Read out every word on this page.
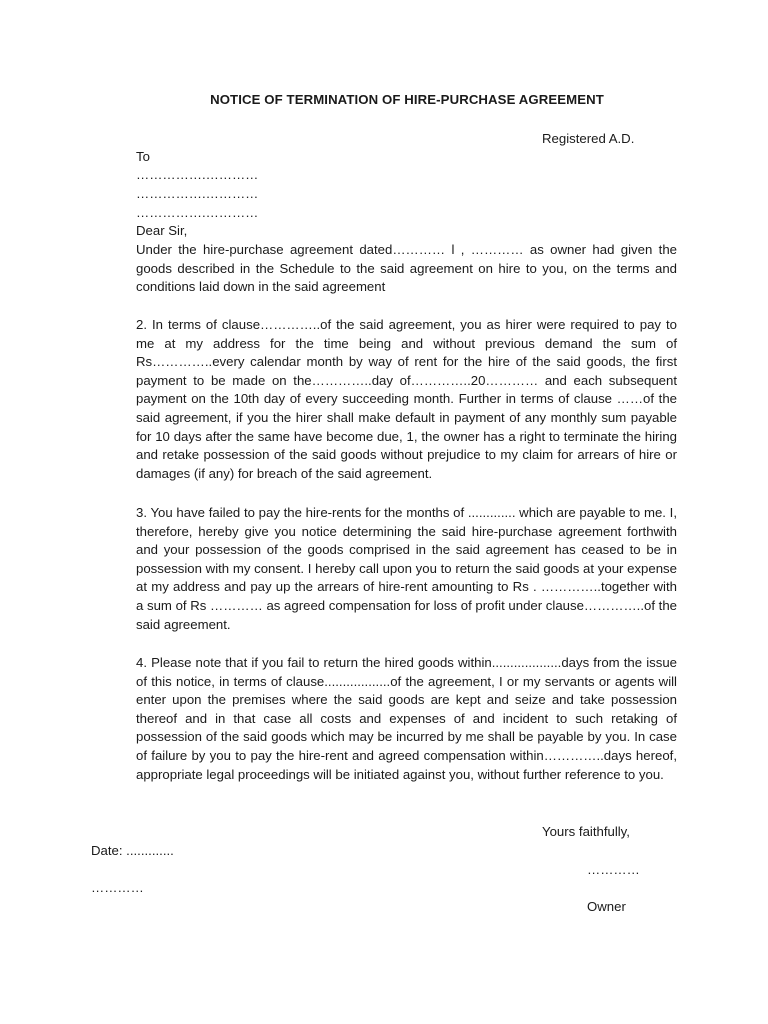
NOTICE OF TERMINATION OF HIRE-PURCHASE AGREEMENT
Registered A.D.
To
…………….…………
…………….…………
…………….…………
Dear Sir,

Under the hire-purchase agreement dated………… l , ………… as owner had given the goods described in the Schedule to the said agreement on hire to you, on the terms and conditions laid down in the said agreement

2. In terms of clause…………..of the said agreement, you as hirer were required to pay to me at my address for the time being and without previous demand the sum of Rs…………..every calendar month by way of rent for the hire of the said goods, the first payment to be made on the…………..day of…………..20………… and each subsequent payment on the 10th day of every succeeding month. Further in terms of clause ……of the said agreement, if you the hirer shall make default in payment of any monthly sum payable for 10 days after the same have become due, 1, the owner has a right to terminate the hiring and retake possession of the said goods without prejudice to my claim for arrears of hire or damages (if any) for breach of the said agreement.

3. You have failed to pay the hire-rents for the months of ............. which are payable to me. I, therefore, hereby give you notice determining the said hire-purchase agreement forthwith and your possession of the goods comprised in the said agreement has ceased to be in possession with my consent. I hereby call upon you to return the said goods at your expense at my address and pay up the arrears of hire-rent amounting to Rs . …………..together with a sum of Rs ………… as agreed compensation for loss of profit under clause…………..of the said agreement.

4. Please note that if you fail to return the hired goods within...................days from the issue of this notice, in terms of clause..................of the agreement, I or my servants or agents will enter upon the premises where the said goods are kept and seize and take possession thereof and in that case all costs and expenses of and incident to such retaking of possession of the said goods which may be incurred by me shall be payable by you. In case of failure by you to pay the hire-rent and agreed compensation within…………..days hereof, appropriate legal proceedings will be initiated against you, without further reference to you.

Yours faithfully,
Date: .............
…………
…………
Owner
